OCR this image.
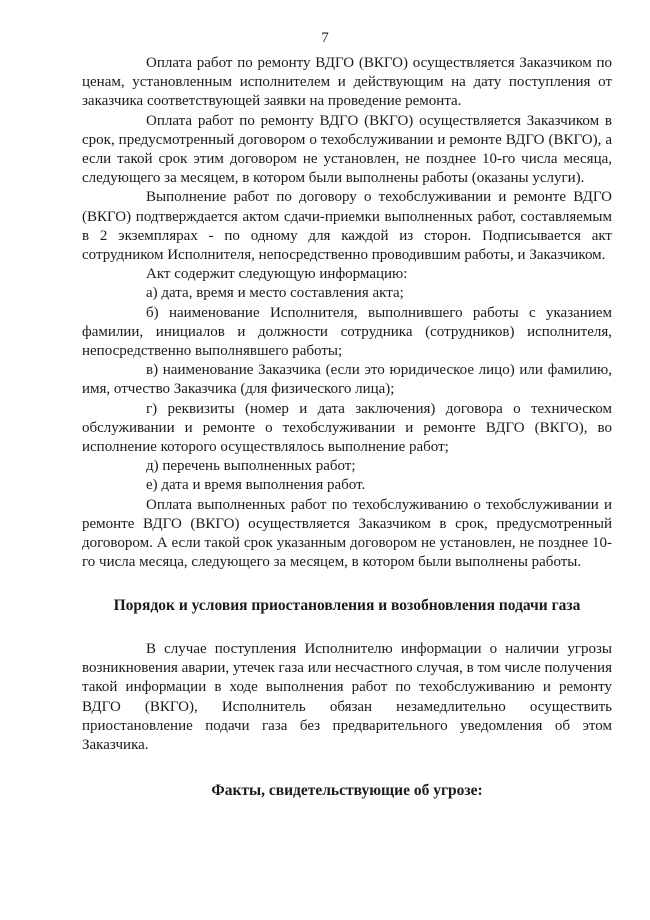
7

Оплата работ по ремонту ВДГО (ВКГО) осуществляется Заказчиком по ценам, установленным исполнителем и действующим на дату поступления от заказчика соответствующей заявки на проведение ремонта.

Оплата работ по ремонту ВДГО (ВКГО) осуществляется Заказчиком в срок, предусмотренный договором о техобслуживании и ремонте ВДГО (ВКГО), а если такой срок этим договором не установлен, не позднее 10-го числа месяца, следующего за месяцем, в котором были выполнены работы (оказаны услуги).

Выполнение работ по договору о техобслуживании и ремонте ВДГО (ВКГО) подтверждается актом сдачи-приемки выполненных работ, составляемым в 2 экземплярах - по одному для каждой из сторон. Подписывается акт сотрудником Исполнителя, непосредственно проводившим работы, и Заказчиком.

Акт содержит следующую информацию:

а) дата, время и место составления акта;

б) наименование Исполнителя, выполнившего работы с указанием фамилии, инициалов и должности сотрудника (сотрудников) исполнителя, непосредственно выполнявшего работы;

в) наименование Заказчика (если это юридическое лицо) или фамилию, имя, отчество Заказчика (для физического лица);

г) реквизиты (номер и дата заключения) договора о техническом обслуживании и ремонте о техобслуживании и ремонте ВДГО (ВКГО), во исполнение которого осуществлялось выполнение работ;

д) перечень выполненных работ;

е) дата и время выполнения работ.

Оплата выполненных работ по техобслуживанию о техобслуживании и ремонте ВДГО (ВКГО) осуществляется Заказчиком в срок, предусмотренный договором. А если такой срок указанным договором не установлен, не позднее 10-го числа месяца, следующего за месяцем, в котором были выполнены работы.

Порядок и условия приостановления и возобновления подачи газа

В случае поступления Исполнителю информации о наличии угрозы возникновения аварии, утечек газа или несчастного случая, в том числе получения такой информации в ходе выполнения работ по техобслуживанию и ремонту ВДГО (ВКГО), Исполнитель обязан незамедлительно осуществить приостановление подачи газа без предварительного уведомления об этом Заказчика.

Факты, свидетельствующие об угрозе:
